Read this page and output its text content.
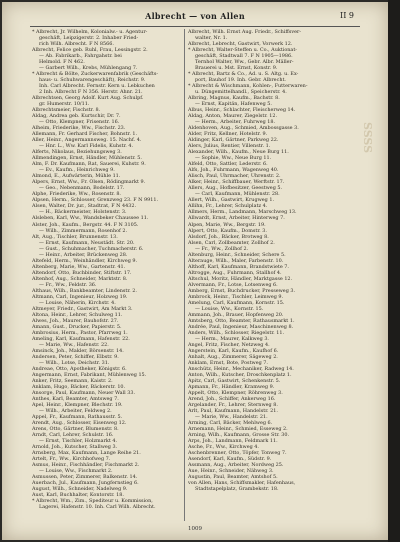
Albrecht — von Allen	II 9
* Albrecht, Jr. Wilhelm, Kolonialw.- u. Agentur-
geschäft, Leipzigerstr. 2. Inhaber Fried-
rich Wilh. Albrecht. F N 8566.
Albrecht, Felice geb. Ruhl, Frau, Lessingstr. 2.
— Ab. Fabrikarb., Fahrgahstr. bei
Helmold. F N 462.
— Garbert Wilh., Krebs, Mühlengang 7.
* Albrecht & Bölte, Zuckerwarenfabrik (Geschäfts-
haus- u. Schuhwarengeschäft), Reichstr. 9.
Inh. Carl Albrecht. Fernstr. Kern u. Lebkuchen
2 Inh. Albrecht F N 356. Herstr. Ahnr. 21.
Albrechtsen, Georg Adolf. Kurt Aug. Schulpf.
gr. Humerstr. 10/11.
Albrechtsmeier, Fischstr. 8.
Aldag, Andrea geb. Kurtschir, Dr. 7.
— Otto, Klempner, Frisenstr. 16.
Alheim, Friederike, Ww., Fischstr. 23.
Allemann, Fr. Gerhard Fischer, Bohnstr. 1.
Aller, Heinr., Angermannsweg. 15. Nachf. 4.
— Hnr. L., Ww. Karl Fidelis, Kuhstr. 4.
Alferts, Nikolaus, Beziehungsweg 3.
Allmendingen, Ernst, Händler, Mühlenstr. 5.
Alm, F. Dr. Kaufmann, Rat, Sauerei, Kuhstr. 9.
— Ev., Kaufm., Heinrichweg 9.
Almond, E., Aufwärterin, Mühle 11.
Alpers, Ernst, Ww., Fr. Olsen, Rödingmarkt 9.
— Geo., Nebenmann, Bodelstr. 17.
Alphe, Friederike, Ww., Rosenstr. 8.
Alpsen, Herm., Schlosser, Grenzweg 23. F N 9911.
Alsen, Walter, Dr. jur., Stadtrat, F N 4432.
— H., Bäckermeister, Holstenstr. 3.
Alsleben, Karl, Ww., Wandsbeker Chaussee 11.
Alster, Joh., Kaufm., Bergstr. 44. F N 3105.
— Wilh., Zimmermann, Rosenhof 2.
Alt, Aug., Tischler, Brunnenstr. 13.
— Ernst, Kaufmann, Neustädt. Str. 20.
— Gust., Schuhmacher, Tuchmacherstr. 6.
— Heinr., Arbeiter, Brückenweg 28.
Altefeld, Herm., Weinhändler, Kirchweg 9.
Altenberg, Marie, Ww., Gartenstr. 41.
Altendorf, Otto, Buchbinder, Stiftstr. 17.
Altenhof, Aug., Schneider, Marktstr. 8.
— Fr., Ww., Feldstr. 36.
Althaus, Wilh., Bankbeamter, Lindenstr. 2.
Altmann, Carl, Ingenieur, Holzweg 19.
— Louise, Näherin, Kirchstr. 4.
Altmeyer, Friedr., Gastwirt, Am Markt 3.
Altona, Heinr., Lehrer, Schulweg 11.
Alwes, Joh., Maurer, Bauhofstr. 27.
Amann, Gust., Drucker, Papierstr. 5.
Ambrosius, Herm., Pastor, Pfarrweg 1.
Ameling, Karl, Kaufmann, Hafenstr. 22.
— Marie, Ww., Hafenstr. 22.
Amsinck, Joh., Makler, Börsenstr. 14.
Andersen, Peter, Schiffer, Elbstr. 9.
— Wilh., Lotse, Deichstr. 31.
Andreae, Otto, Apotheker, Königstr. 6.
Angermann, Ernst, Fabrikant, Mühlenweg 15.
Anker, Fritz, Seemann, Kaistr. 2.
Anklam, Hugo, Bäcker, Bäckerstr. 10.
Ansorge, Paul, Kaufmann, Neuer Wall 33.
Anthes, Karl, Beamter, Amtsweg 7.
Apel, Heinr., Klempner, Blechstr. 19.
— Wilh., Arbeiter, Feldweg 2.
Appel, Fr., Kaufmann, Rathausstr. 5.
Arendt, Aug., Schlosser, Eisenweg 12.
Arens, Otto, Gärtner, Blumenstr. 8.
Arndt, Carl, Lehrer, Schulstr. 16.
— Ernst, Tischler, Holzmarkt 4.
Arnold, Joh., Kutscher, Stallweg 3.
Arnsberg, Max, Kaufmann, Lange Reihe 21.
Artelt, Fr., Ww., Kirchhofweg 7.
Asmus, Heinr., Fischhändler, Fischmarkt 2.
— Louise, Ww., Fischmarkt 2.
Asmussen, Peter, Zimmerer, Balkenstr. 14.
Auerbach, Jul., Kaufmann, Jungfernstieg 6.
August, Wilh., Schneider, Nadelweg 9.
Aust, Karl, Buchhalter, Kontorstr. 18.
* Albrecht, Wm., Zim., Spediteur u. Kommission,
Lagerei, Hafenstr. 10. Inh. Carl Wilh. Albrecht.
Albrecht, Wilh. Ernst Aug. Friedr., Schiffsver-
walter, Nr. 1.
Albrecht, Lebrecht, Gastwirt, Vorwerk 12.
* Albrecht, Walter-Steffen u. Co., Auktionat-
geschäft, Stadtwall 7. F N 1905—1986.
Ternhol Walter, Ww., Gebr. Albr. Mäller-
Brauerei u. Mst. Ernst, Konstr. 9.
* Albrecht, Bartz & Co., Ad. u. S. Altg. u. Ex-
port, Bauhof 19. Inh. Gebr. Albrecht.
* Albrecht & Wischmann, Kohlen-, Futterwaren-
u. Düngemittelhandl., Speicherstr. 4.
Albring, Magnus, Kaufm., Bachstr. 8.
— Ernst, Kapitän, Hafenweg 5.
Albus, Heinr., Schlachter, Fleischerweg 14.
Aldag, Anton, Maurer, Ziegelstr. 12.
— Herm., Arbeiter, Fuhrweg 18.
Aldenhoven, Aug., Schmied, Ambossgasse 3.
Alder, Fritz, Kellner, Hotelstr. 9.
Aldinger, Karl, Gärtner, Parkweg 22.
Alers, Julius, Rentier, Villenstr. 1.
Alexander, Wilh., Kaufm., Neue Burg 11.
— Sophie, Ww., Neue Burg 11.
Alfeld, Otto, Sattler, Lederstr. 6.
Alfs, Joh., Fuhrmann, Wagenweg 40.
Alisch, Paul, Uhrmacher, Uhrenstr. 2.
Alker, Heinr., Schiffbauer, Werftstr. 17.
Allers, Aug., Hofbesitzer, Geestweg 5.
— Carl, Kaufmann, Mühlenstr. 28.
Allert, Wilh., Gastwirt, Krugweg 1.
Allihn, Fr., Lehrer, Schulplatz 4.
Allmers, Herm., Landmann, Marschweg 13.
Allwardt, Ernst, Arbeiter, Hinterweg 7.
Alpen, Marie, Ww., Bergstr. 19.
Alpert, Otto, Kaufm., Domstr. 3.
Alsdorf, Joh., Bäcker, Brotweg 8.
Alsen, Carl, Zollbeamter, Zollhof 2.
— Fr., Ww., Zollhof 2.
Altenburg, Heinr., Schneider, Schere 5.
Alterauge, Wilh., Maler, Farbenstr. 10.
Althoff, Karl, Kaufmann, Brandstwiete 7.
Altrogge, Aug., Fuhrmann, Stallhof 4.
Altschul, Moritz, Händler, Marktgasse 12.
Alvermann, Fr., Lotse, Lotsenweg 6.
Amberg, Ernst, Buchdrucker, Presseweg 3.
Ambrock, Heinr., Tischler, Leimweg 9.
Amelung, Carl, Kaufmann, Kornstr. 15.
— Louise, Ww., Kornstr. 15.
Ammann, Joh., Brauer, Hopfenweg 20.
Amtsberg, Otto, Beamter, Rathausmarkt 1.
Andrée, Paul, Ingenieur, Maschinenweg 8.
Anders, Wilh., Schlosser, Riegelstr. 11.
— Herm., Maurer, Kalkweg 3.
Angel, Fritz, Fischer, Netzweg 4.
Angerstein, Karl, Kaufm., Kaufhof 6.
Anhalt, Aug., Zimmerer, Sägeweg 2.
Anklam, Ernst, Bote, Postweg 7.
Anschütz, Heinr., Mechaniker, Radweg 14.
Anton, Wilh., Kutscher, Droschkenplatz 1.
Apitz, Carl, Gastwirt, Schenkenstr. 5.
Apmann, Fr., Händler, Kramweg 9.
Appelt, Otto, Klempner, Röhrenweg 3.
Arend, Joh., Schiffer, Ankerweg 16.
Argelander, Fr., Lehrer, Sternweg 8.
Arlt, Paul, Kaufmann, Handelstr. 21.
— Marie, Ww., Handelstr. 21.
Arming, Carl, Bäcker, Mehlweg 6.
Arnemann, Heinr., Schmied, Esseweg 2.
Arning, Wilh., Kaufmann, Grosse Str. 30.
Arps, Joh., Landmann, Feldmark 11.
Asche, Fr., Ww., Kirchweg 4.
Aschenbrenner, Otto, Töpfer, Tonweg 7.
Asendorf, Karl, Kaufm., Südstr. 9.
Assmann, Aug., Arbeiter, Nordweg 25.
Aue, Heinr., Schneider, Nähweg 3.
Augustin, Paul, Beamter, Amtshof 5.
von Allen, Hans, Schiffsmakler, Hafenhaus,
Stadtstapelplatz, Grambekstr. 18.
SSSS
1009
